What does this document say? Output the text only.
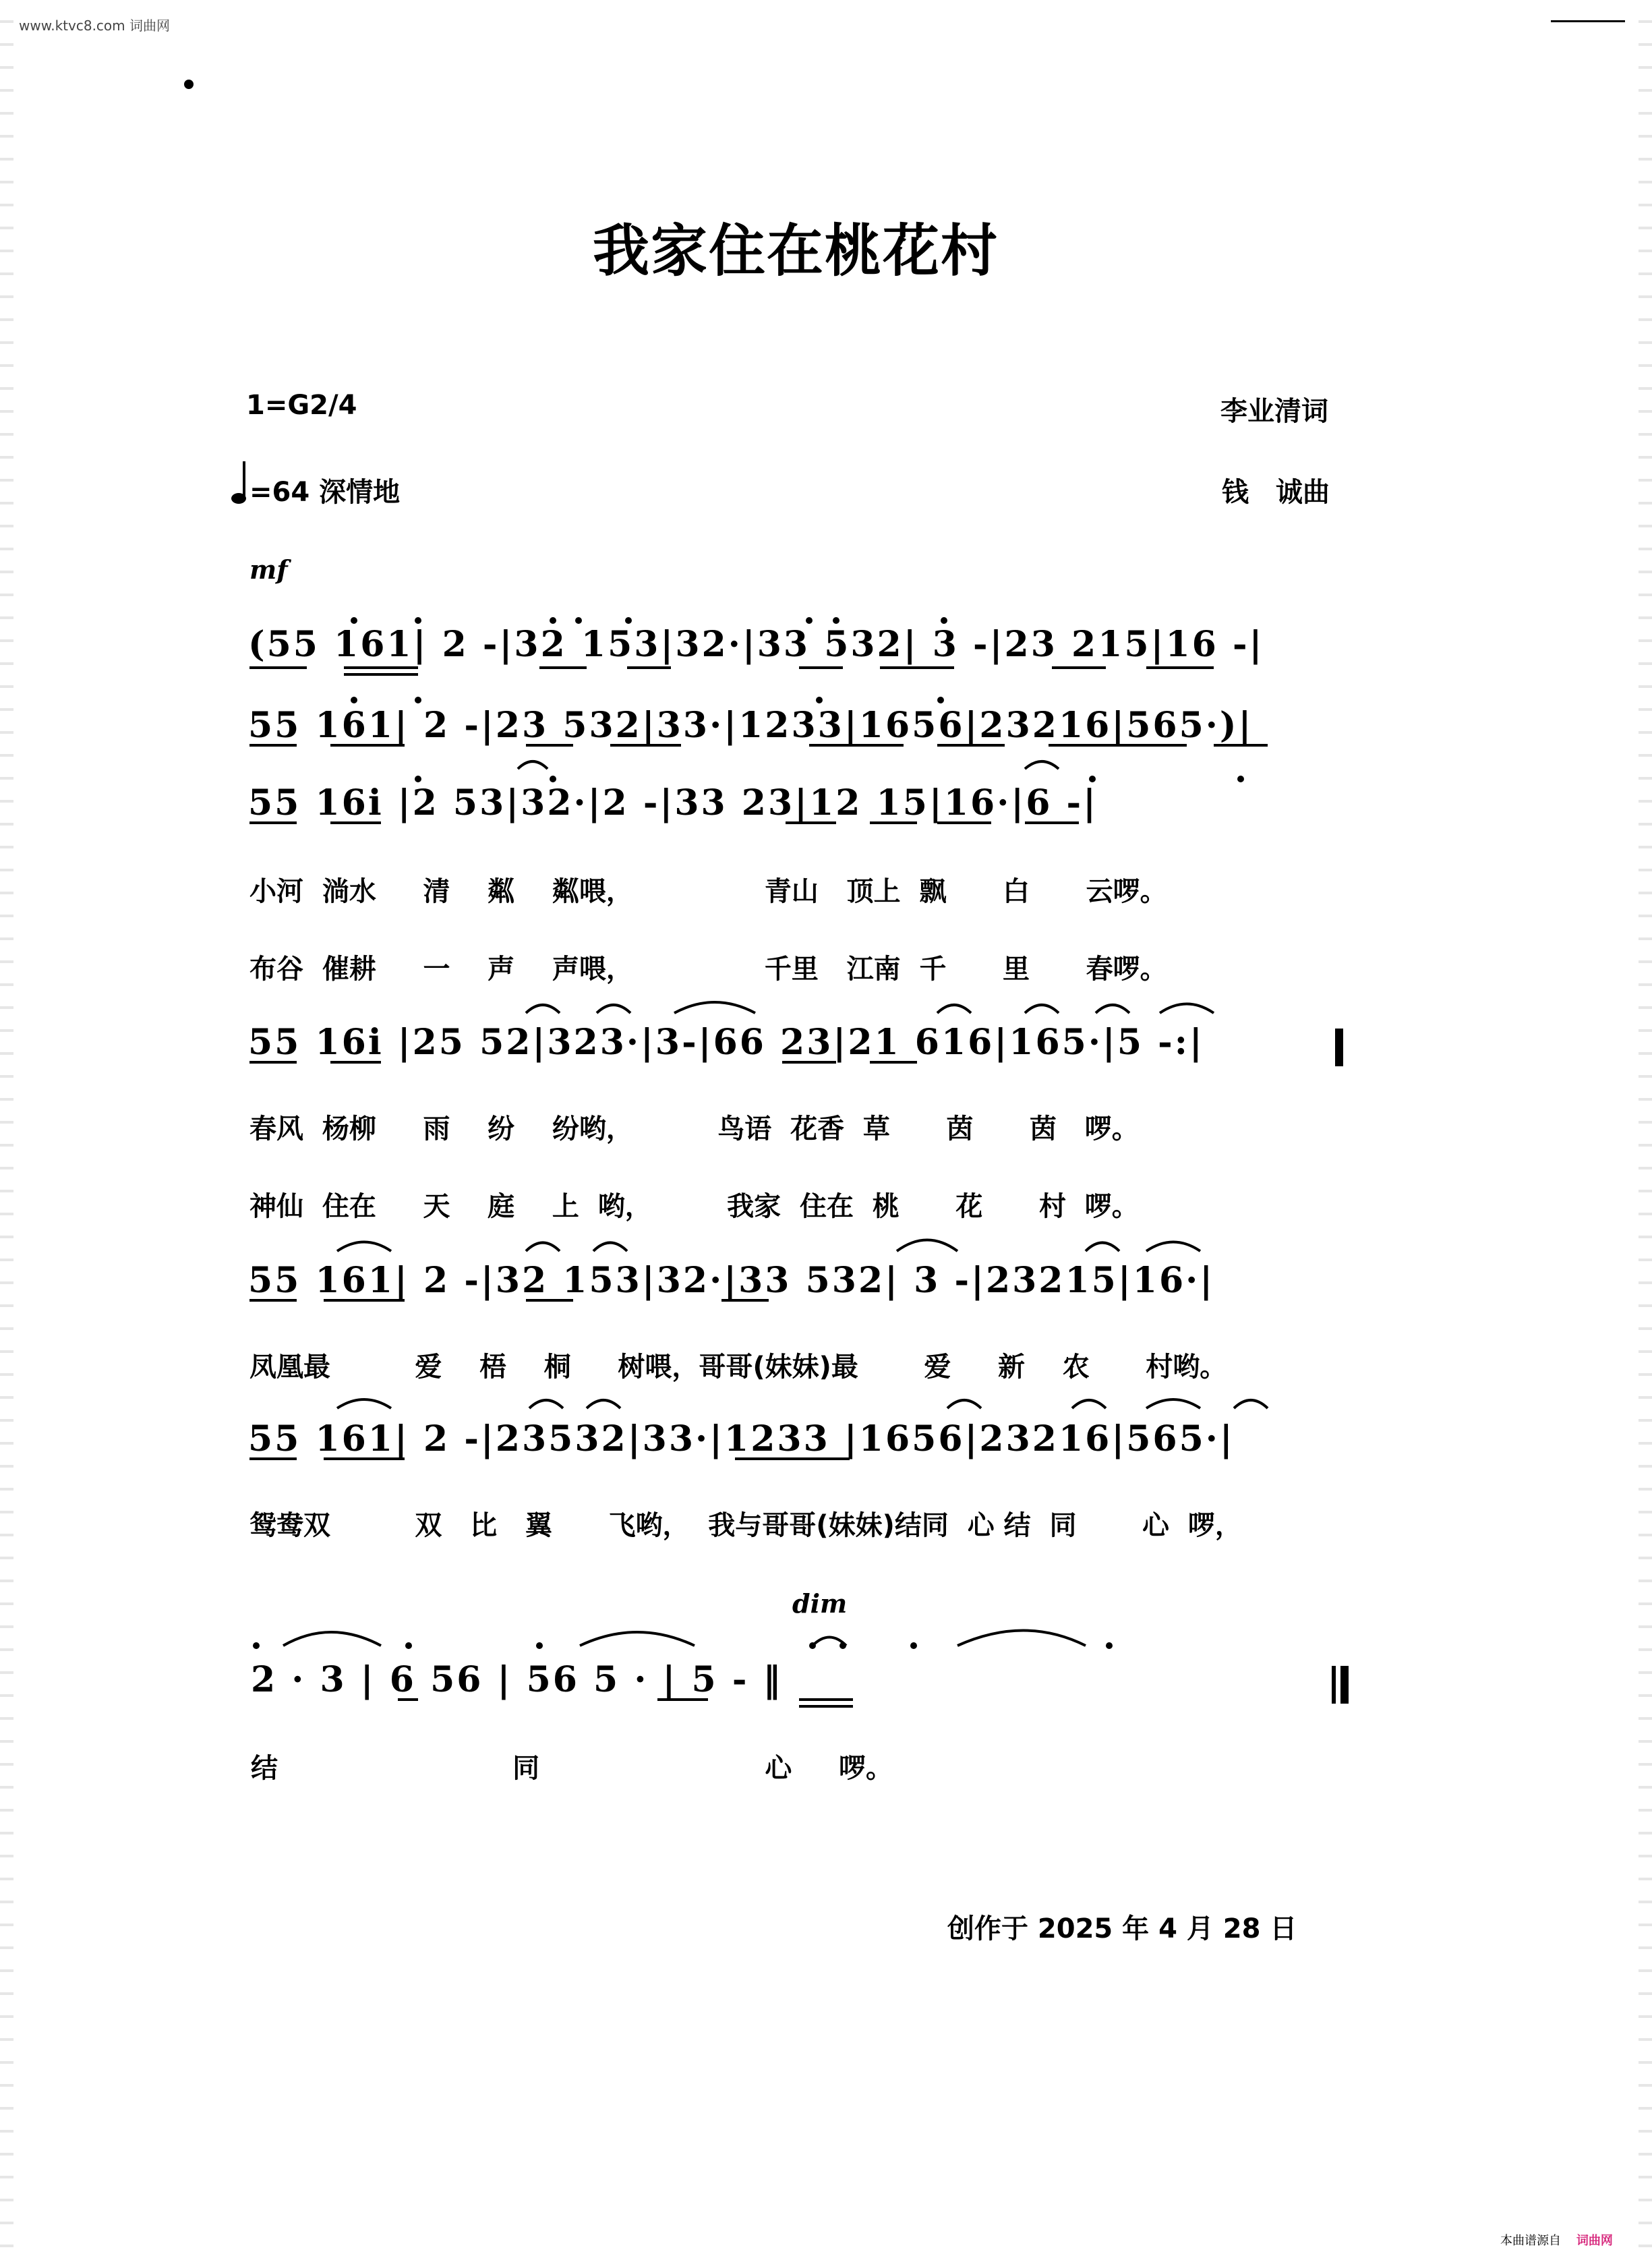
www.ktvc8.com 词曲网
我家住在桃花村
1=G2/4	李业清词
=64 深情地	钱　诚曲
mf
(55 161| 2 -|32 153|32·|33 532| 3 -|23 215|16 -|
55 161| 2 -|23 532|33·|1233|1656|23216|565·)|
55 16i |2 53|32·|2 -|33 23|12 15|16·|6 -|
小河  淌水     清    粼    粼喂，              青山   顶上  飘      白      云啰。
布谷  催耕     一    声    声喂，              千里   江南  千      里      春啰。
55 16i |25 52|323·|3-|66 23|21 616|165·|5 -:|
春风  杨柳     雨    纷    纷哟，         鸟语  花香  草      茵      茵   啰。
神仙  住在     天    庭    上  哟，        我家  住在  桃      花      村  啰。
55 161| 2 -|32 153|32·|33 532| 3 -|23215|16·|
凤凰最         爱    梧    桐     树喂，哥哥(妹妹)最       爱     新    农      村哟。
55 161| 2 -|23532|33·|1233 |1656|23216|565·|
鸳鸯双         双   比   翼      飞哟，  我与哥哥(妹妹)结同  心 结  同       心  啰，
dim
2 · 3 | 6 56 | 56 5 · | 5 - ‖
结                         同                        心     啰。
创作于 2025 年 4 月 28 日
本曲谱源自 词曲网
